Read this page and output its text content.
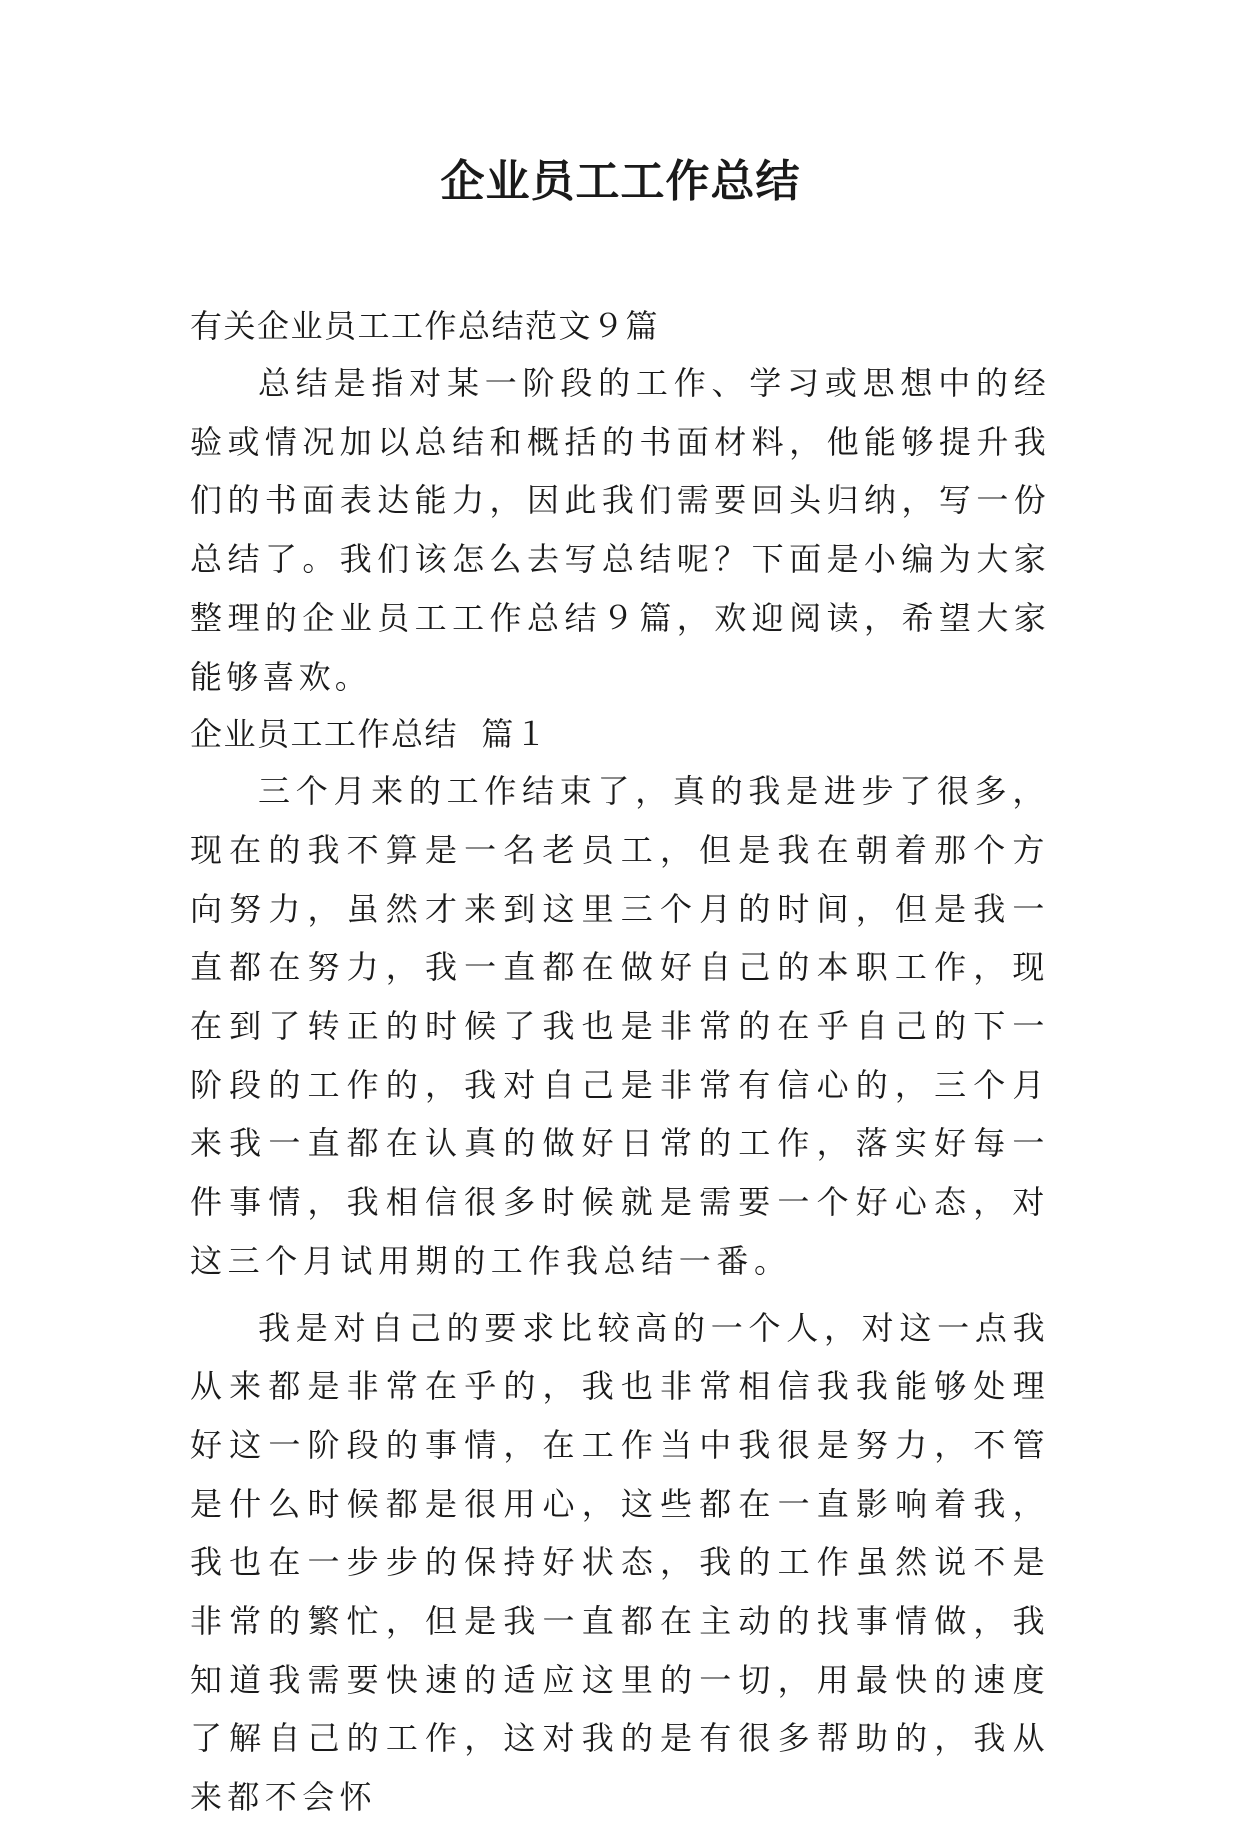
企业员工工作总结
有关企业员工工作总结范文９篇

总结是指对某一阶段的工作、学习或思想中的经验或情况加以总结和概括的书面材料，他能够提升我们的书面表达能力，因此我们需要回头归纳，写一份总结了。我们该怎么去写总结呢？下面是小编为大家整理的企业员工工作总结９篇，欢迎阅读，希望大家能够喜欢。

企业员工工作总结  篇１

三个月来的工作结束了，真的我是进步了很多，现在的我不算是一名老员工，但是我在朝着那个方向努力，虽然才来到这里三个月的时间，但是我一直都在努力，我一直都在做好自己的本职工作，现在到了转正的时候了我也是非常的在乎自己的下一阶段的工作的，我对自己是非常有信心的，三个月来我一直都在认真的做好日常的工作，落实好每一件事情，我相信很多时候就是需要一个好心态，对这三个月试用期的工作我总结一番。

我是对自己的要求比较高的一个人，对这一点我从来都是非常在乎的，我也非常相信我我能够处理好这一阶段的事情，在工作当中我很是努力，不管是什么时候都是很用心，这些都在一直影响着我，我也在一步步的保持好状态，我的工作虽然说不是非常的繁忙，但是我一直都在主动的找事情做，我知道我需要快速的适应这里的一切，用最快的速度了解自己的工作，这对我的是有很多帮助的，我从来都不会怀
